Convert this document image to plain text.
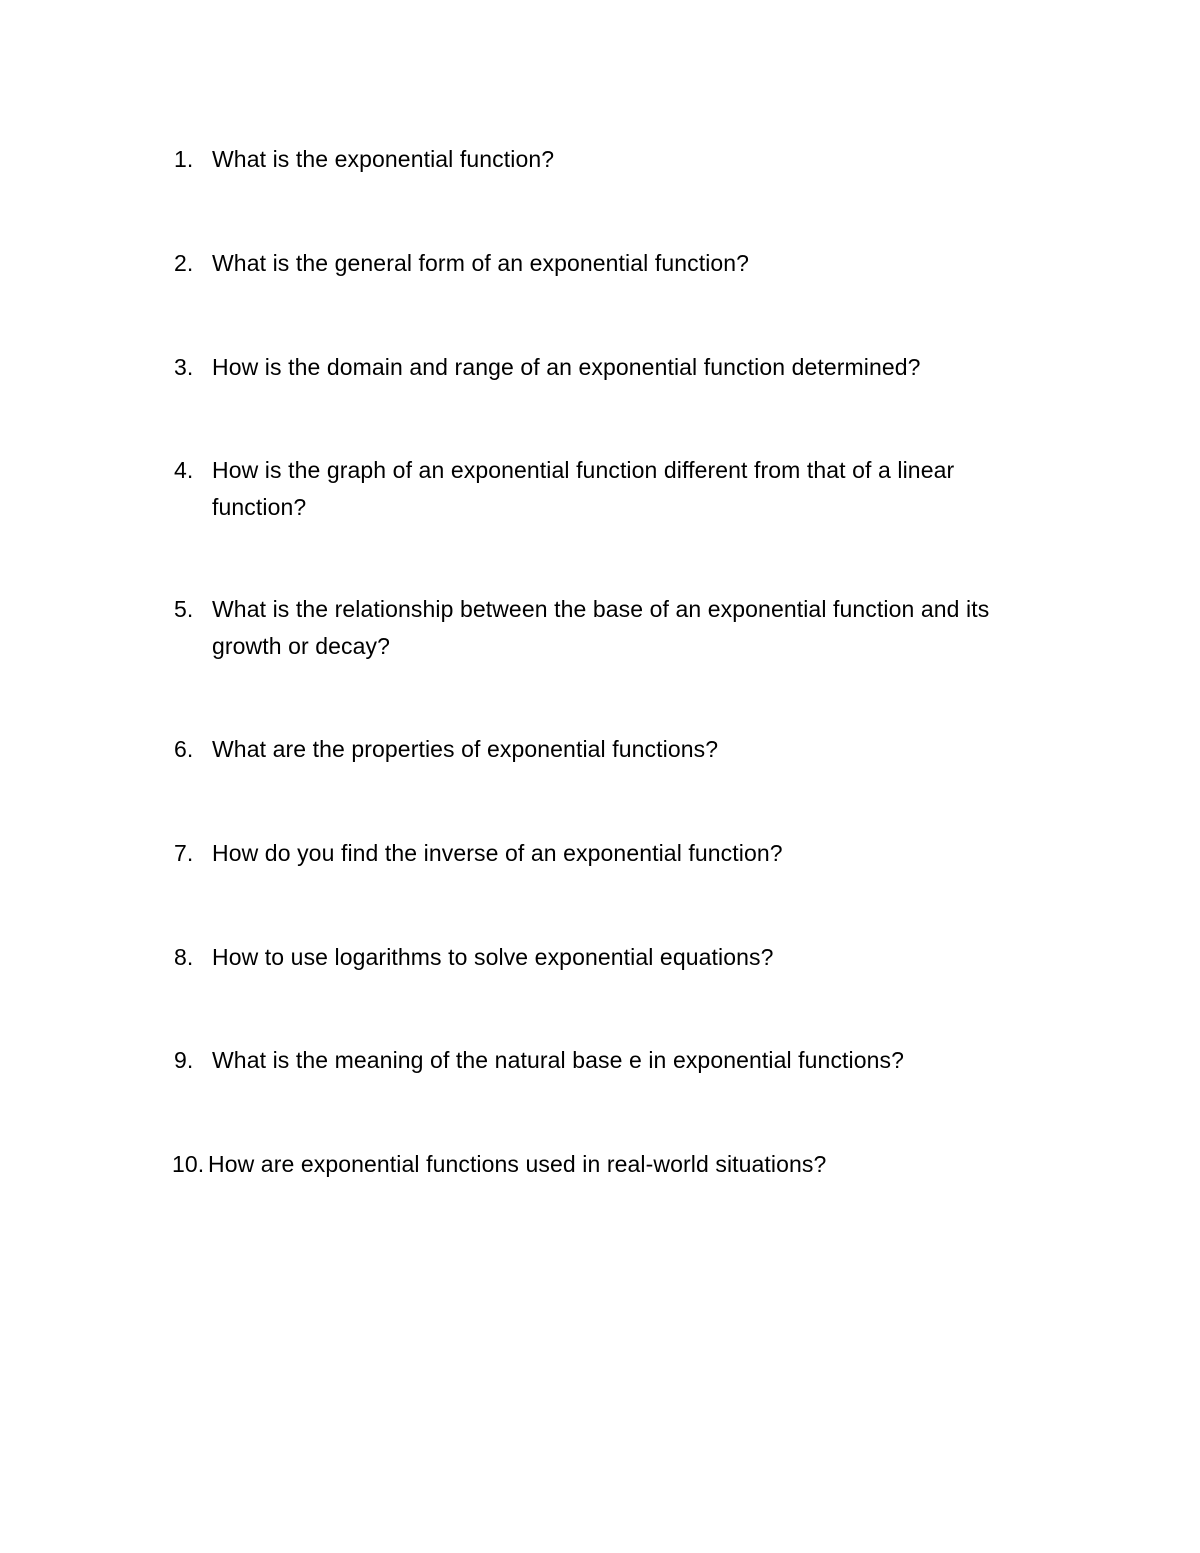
1. What is the exponential function?
2. What is the general form of an exponential function?
3. How is the domain and range of an exponential function determined?
4. How is the graph of an exponential function different from that of a linear function?
5. What is the relationship between the base of an exponential function and its growth or decay?
6. What are the properties of exponential functions?
7. How do you find the inverse of an exponential function?
8. How to use logarithms to solve exponential equations?
9. What is the meaning of the natural base e in exponential functions?
10. How are exponential functions used in real-world situations?
